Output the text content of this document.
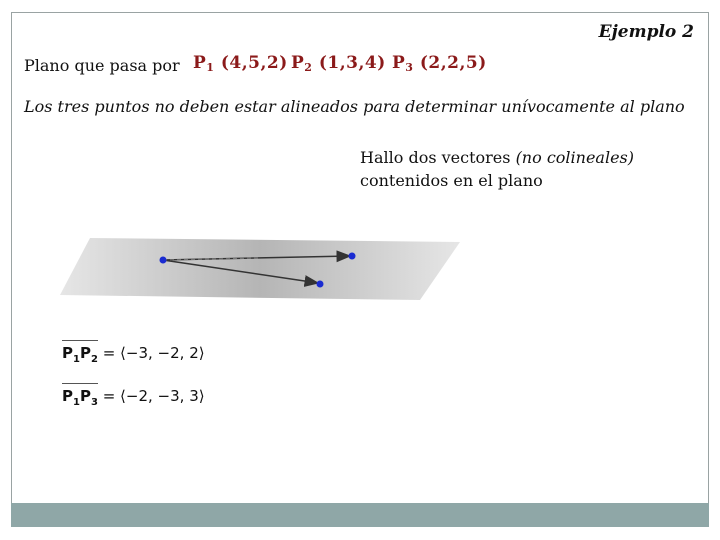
Ejemplo 2
Plano que pasa por $P_1$ (4,5,2) $P_2$ (1,3,4) $P_3$ (2,2,5)
Los tres puntos no deben estar alineados para determinar unívocamente al plano
Hallo dos vectores (no colineales)
contenidos en el plano
$P_1P_2$ = ⟨−3, −2, 2⟩
$P_1P_3$ = ⟨−2, −3, 3⟩
